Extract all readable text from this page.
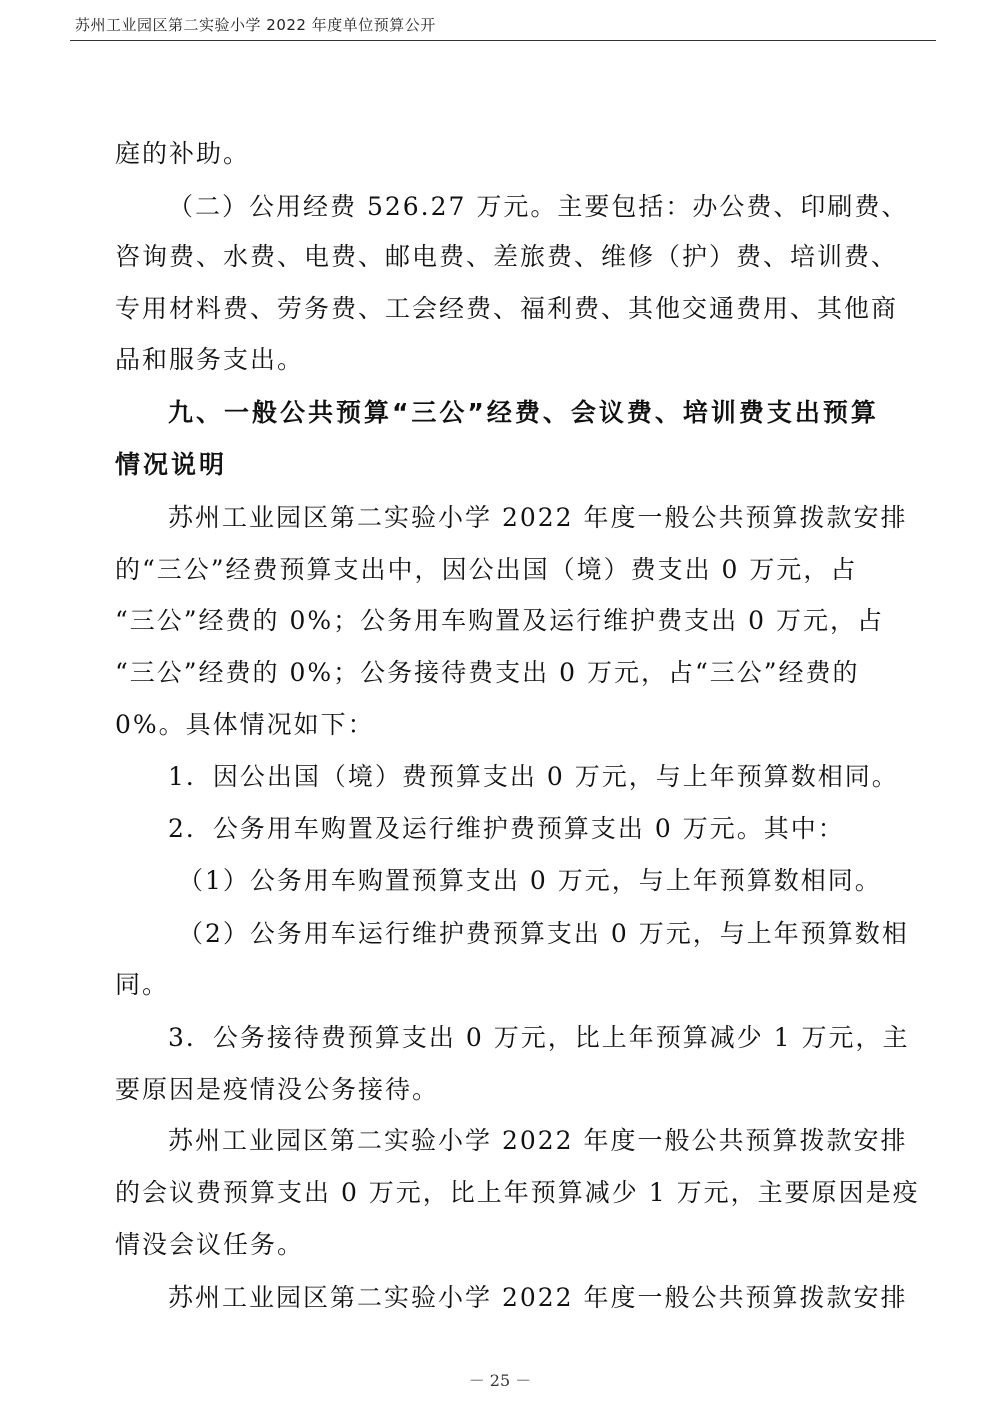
苏州工业园区第二实验小学 2022 年度单位预算公开
庭的补助。
（二）公用经费 526.27 万元。主要包括：办公费、印刷费、
咨询费、水费、电费、邮电费、差旅费、维修（护）费、培训费、
专用材料费、劳务费、工会经费、福利费、其他交通费用、其他商
品和服务支出。
九、一般公共预算“三公”经费、会议费、培训费支出预算
情况说明
苏州工业园区第二实验小学 2022 年度一般公共预算拨款安排
的“三公”经费预算支出中，因公出国（境）费支出 0 万元，占
“三公”经费的 0%；公务用车购置及运行维护费支出 0 万元，占
“三公”经费的 0%；公务接待费支出 0 万元，占“三公”经费的
0%。具体情况如下：
1．因公出国（境）费预算支出 0 万元，与上年预算数相同。
2．公务用车购置及运行维护费预算支出 0 万元。其中：
（1）公务用车购置预算支出 0 万元，与上年预算数相同。
（2）公务用车运行维护费预算支出 0 万元，与上年预算数相
同。
3．公务接待费预算支出 0 万元，比上年预算减少 1 万元，主
要原因是疫情没公务接待。
苏州工业园区第二实验小学 2022 年度一般公共预算拨款安排
的会议费预算支出 0 万元，比上年预算减少 1 万元，主要原因是疫
情没会议任务。
苏州工业园区第二实验小学 2022 年度一般公共预算拨款安排
－ 25 －
